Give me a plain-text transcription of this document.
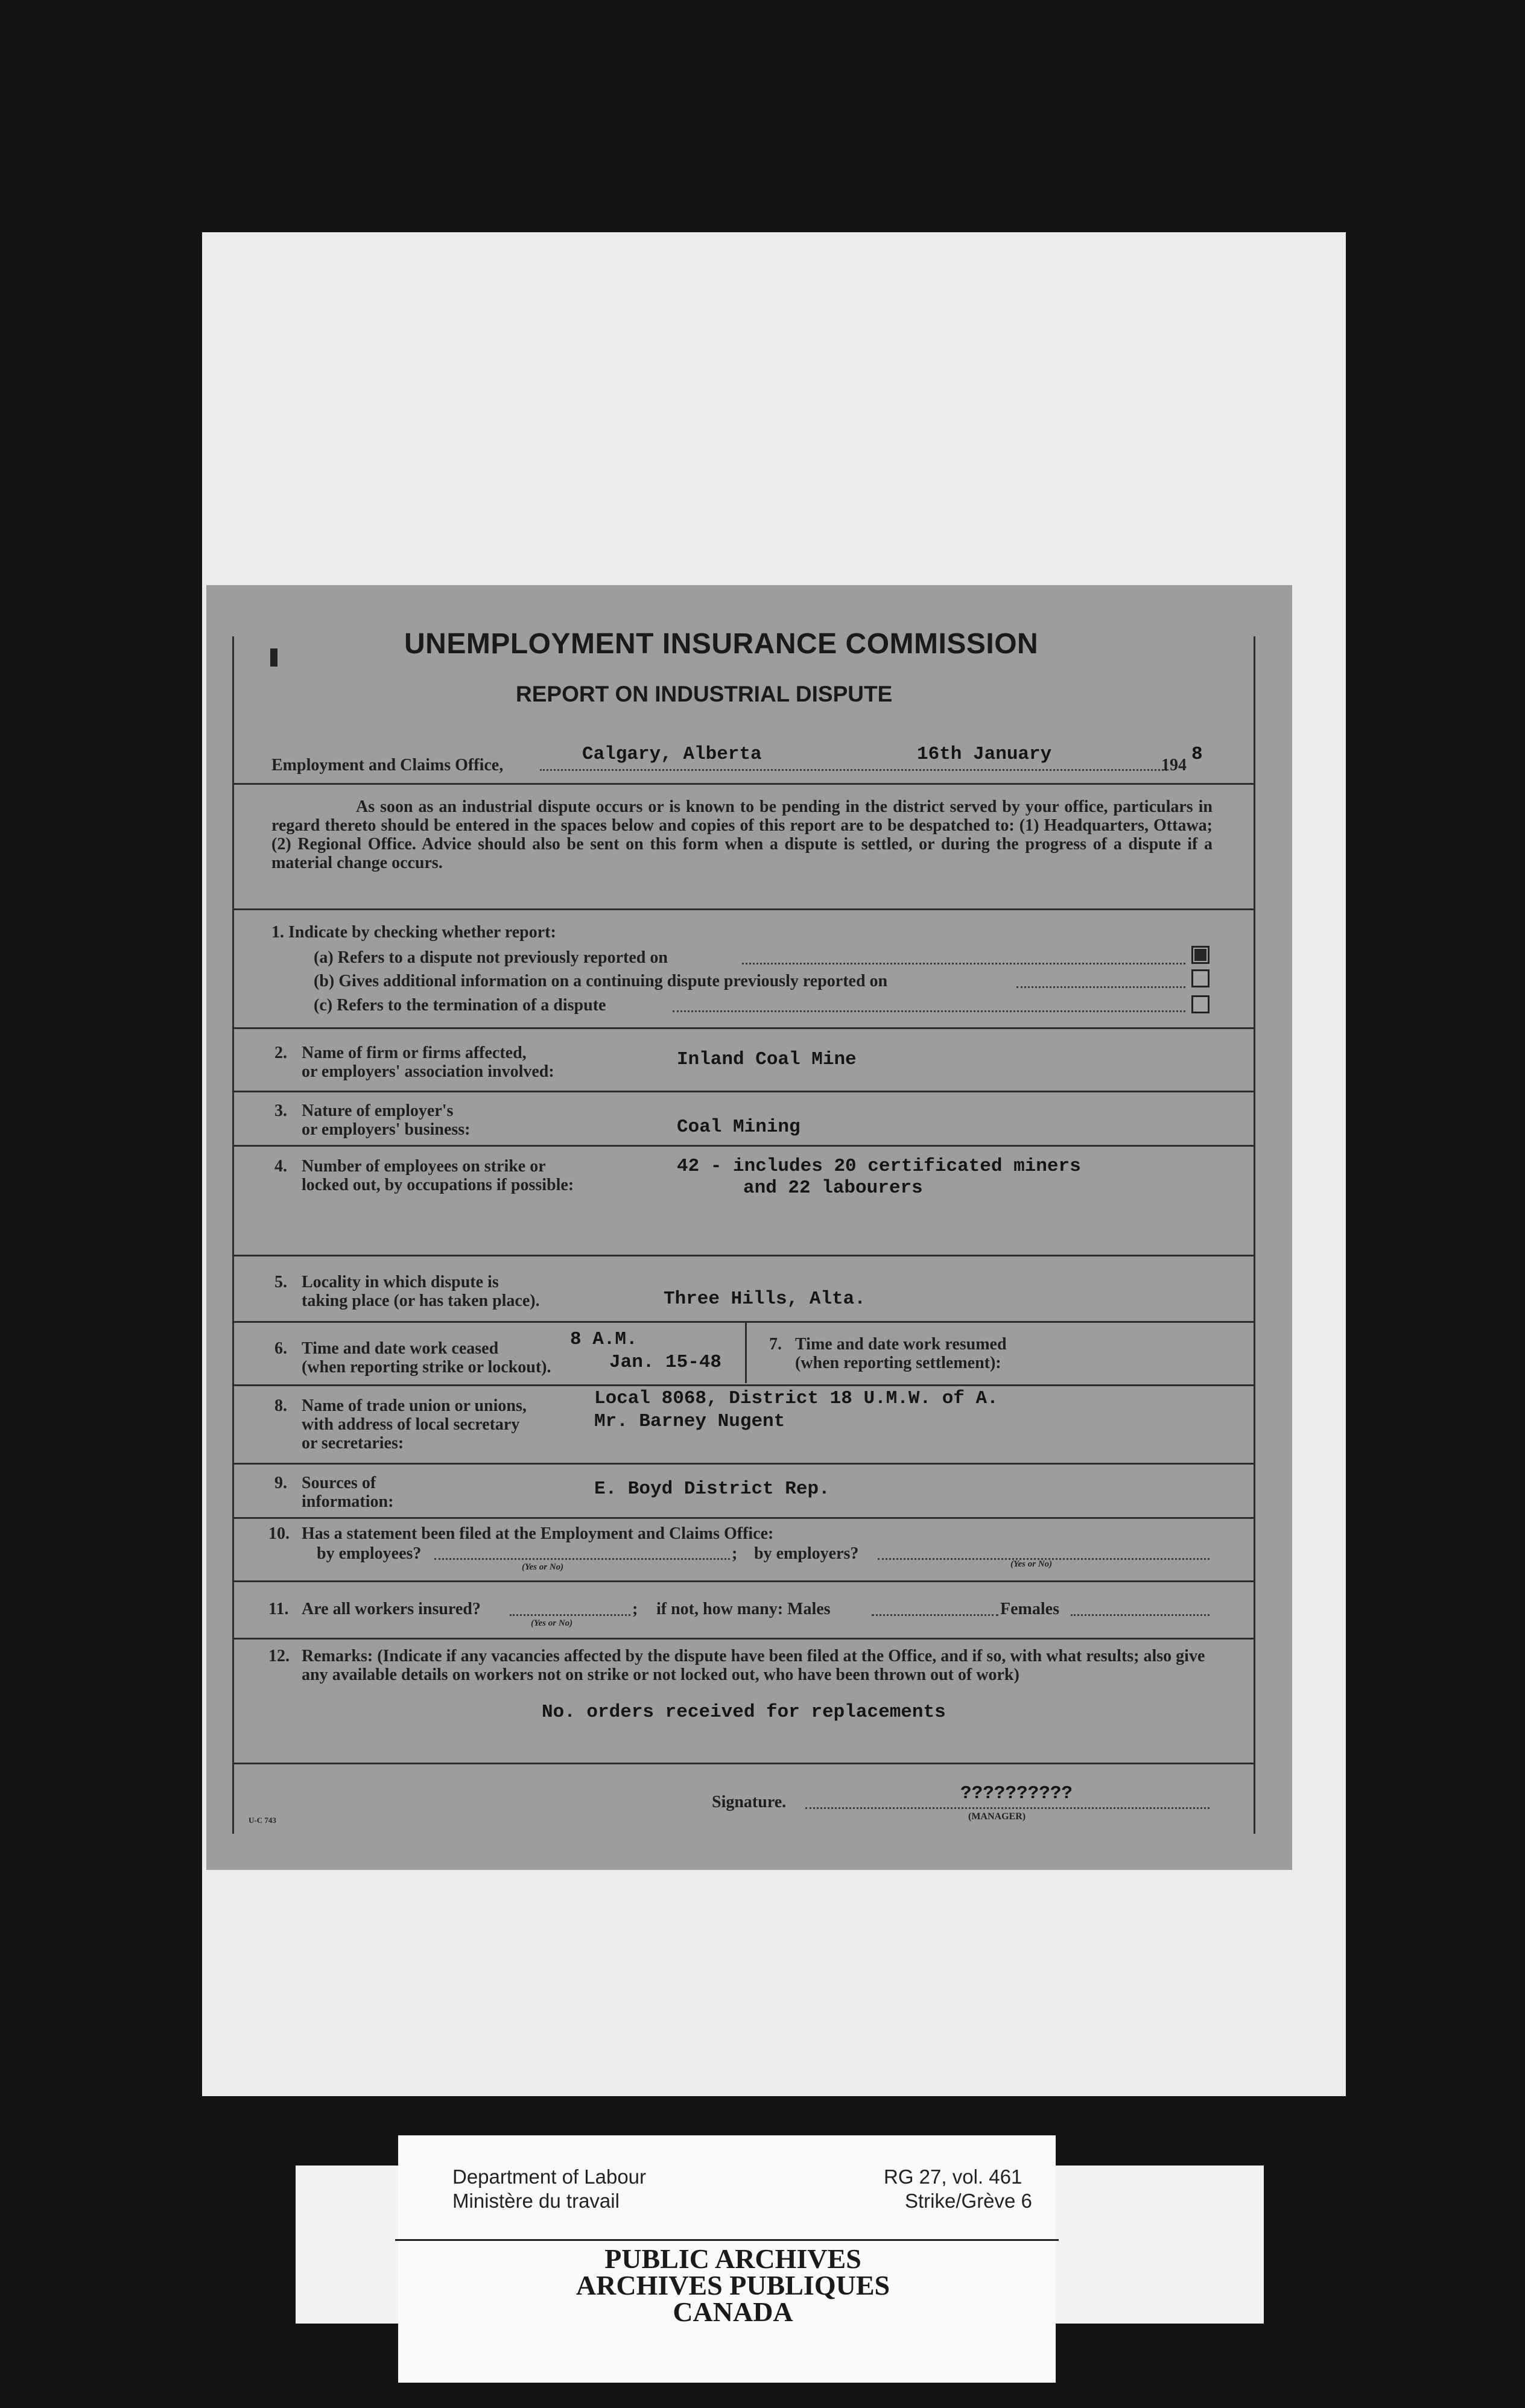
UNEMPLOYMENT INSURANCE COMMISSION
REPORT ON INDUSTRIAL DISPUTE
Employment and Claims Office,
Calgary, Alberta	16th January
194
8
As soon as an industrial dispute occurs or is known to be pending in the district served by your office, particulars in regard thereto should be entered in the spaces below and copies of this report are to be despatched to: (1) Headquarters, Ottawa; (2) Regional Office. Advice should also be sent on this form when a dispute is settled, or during the progress of a dispute if a material change occurs.
1. Indicate by checking whether report:
(a) Refers to a dispute not previously reported on
(b) Gives additional information on a continuing dispute previously reported on
(c) Refers to the termination of a dispute
2. Name of firm or firms affected,
or employers' association involved:
Inland Coal Mine
3. Nature of employer's
or employers' business:	Coal Mining
4. Number of employees on strike or
locked out, by occupations if possible:
42 - includes 20 certificated miners
and 22 labourers
5. Locality in which dispute is
taking place (or has taken place).	Three Hills, Alta.
6. Time and date work ceased
(when reporting strike or lockout).
8 A.M.
Jan. 15-48
7. Time and date work resumed
(when reporting settlement):
8. Name of trade union or unions,
with address of local secretary
or secretaries:
Local 8068, District 18 U.M.W. of A.
Mr. Barney Nugent
9. Sources of
information:
E. Boyd District Rep.
10. Has a statement been filed at the Employment and Claims Office:
by employees?	; by employers?
(Yes or No)	(Yes or No)
11. Are all workers insured?	; if not, how many: Males	Females
(Yes or No)
12. Remarks: (Indicate if any vacancies affected by the dispute have been filed at the Office, and if so, with what results; also give any available details on workers not on strike or not locked out, who have been thrown out of work)
No. orders received for replacements
U-C 743
Signature.	??????????
(MANAGER)
Department of Labour
Ministère du travail
RG 27, vol. 461
Strike/Grève 6
PUBLIC ARCHIVES
ARCHIVES PUBLIQUES
CANADA
